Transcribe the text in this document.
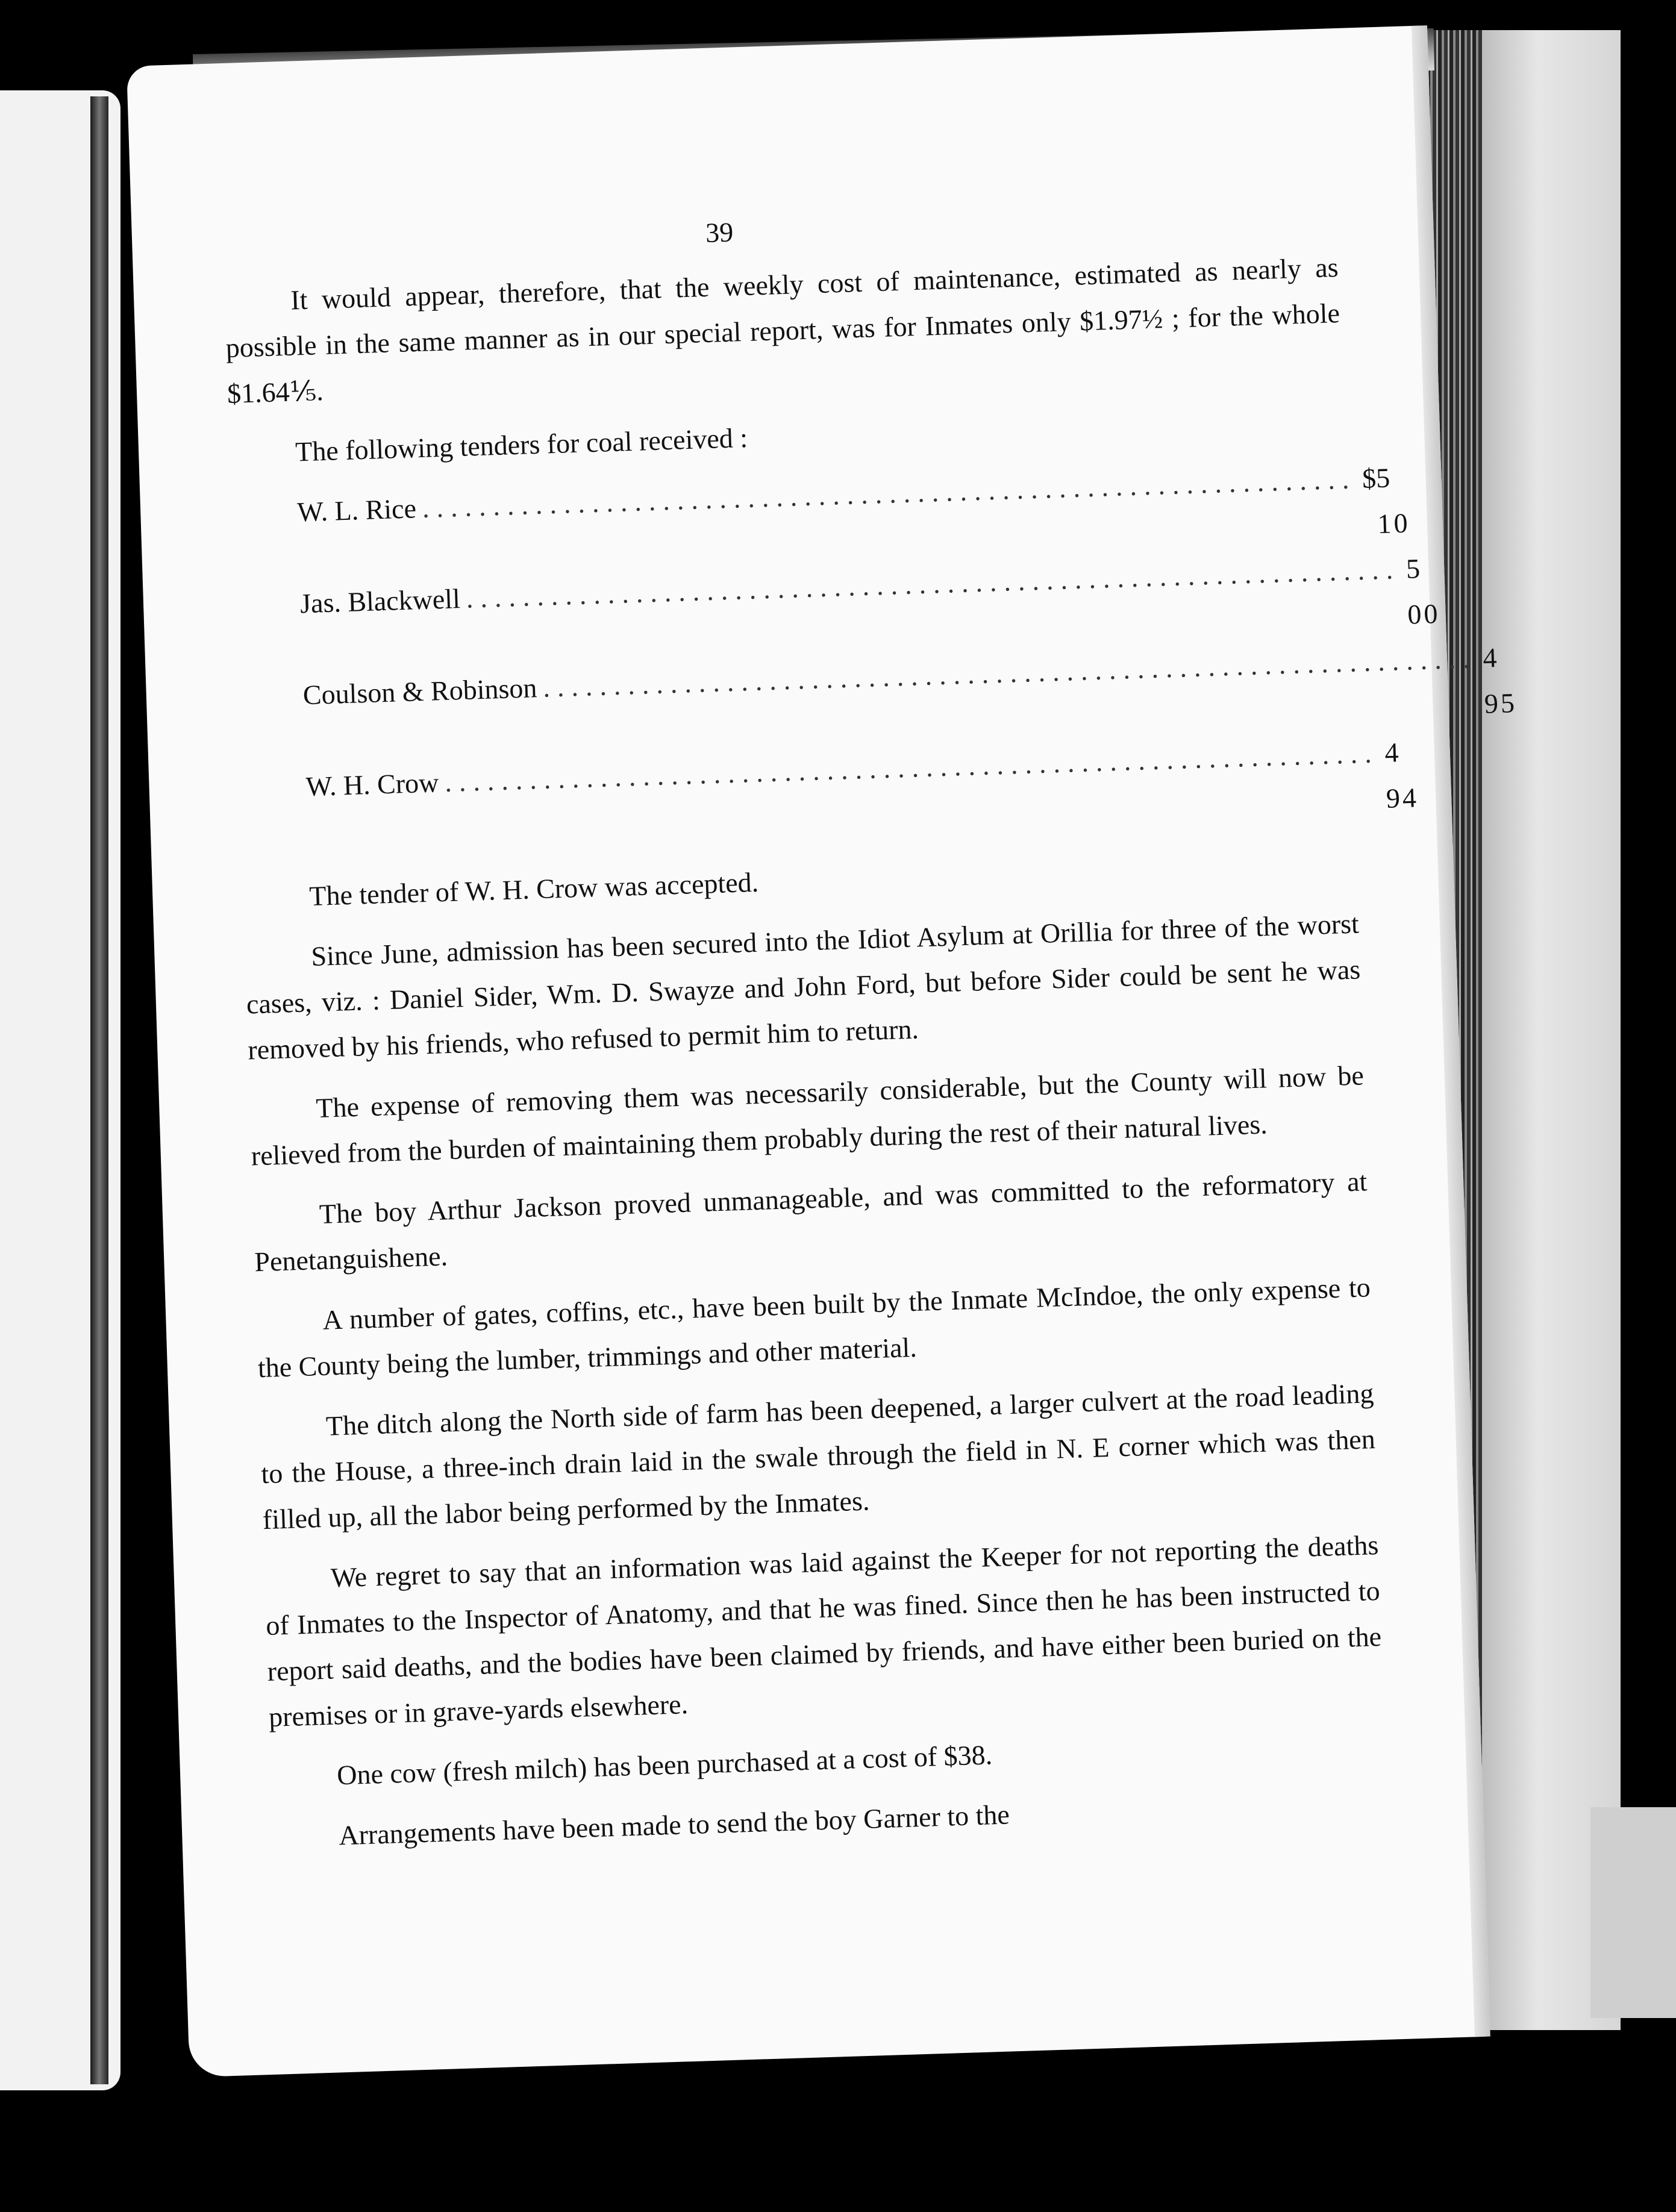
39

It would appear, therefore, that the weekly cost of maintenance, estimated as nearly as possible in the same manner as in our special report, was for Inmates only $1.97½ ; for the whole $1.64⅕.

The following tenders for coal received :

W. L. Rice .................................................................. $
5 10
Jas. Blackwell .................................................................. 5 00
Coulson & Robinson .................................................................. 4 95
W. H. Crow .................................................................. 4 94

The tender of W. H. Crow was accepted.

Since June, admission has been secured into the Idiot Asylum at Orillia for three of the worst cases, viz. : Daniel Sider, Wm. D. Swayze and John Ford, but before Sider could be sent he was removed by his friends, who refused to permit him to return.

The expense of removing them was necessarily considerable, but the County will now be relieved from the burden of maintaining them probably during the rest of their natural lives.

The boy Arthur Jackson proved unmanageable, and was committed to the reformatory at Penetanguishene.

A number of gates, coffins, etc., have been built by the Inmate McIndoe, the only expense to the County being the lumber, trimmings and other material.

The ditch along the North side of farm has been deepened, a larger culvert at the road leading to the House, a three-inch drain laid in the swale through the field in N. E corner which was then filled up, all the labor being performed by the Inmates.

We regret to say that an information was laid against the Keeper for not reporting the deaths of Inmates to the Inspector of Anatomy, and that he was fined. Since then he has been instructed to report said deaths, and the bodies have been claimed by friends, and have either been buried on the premises or in grave-yards elsewhere.

One cow (fresh milch) has been purchased at a cost of $38.

Arrangements have been made to send the boy Garner to the
